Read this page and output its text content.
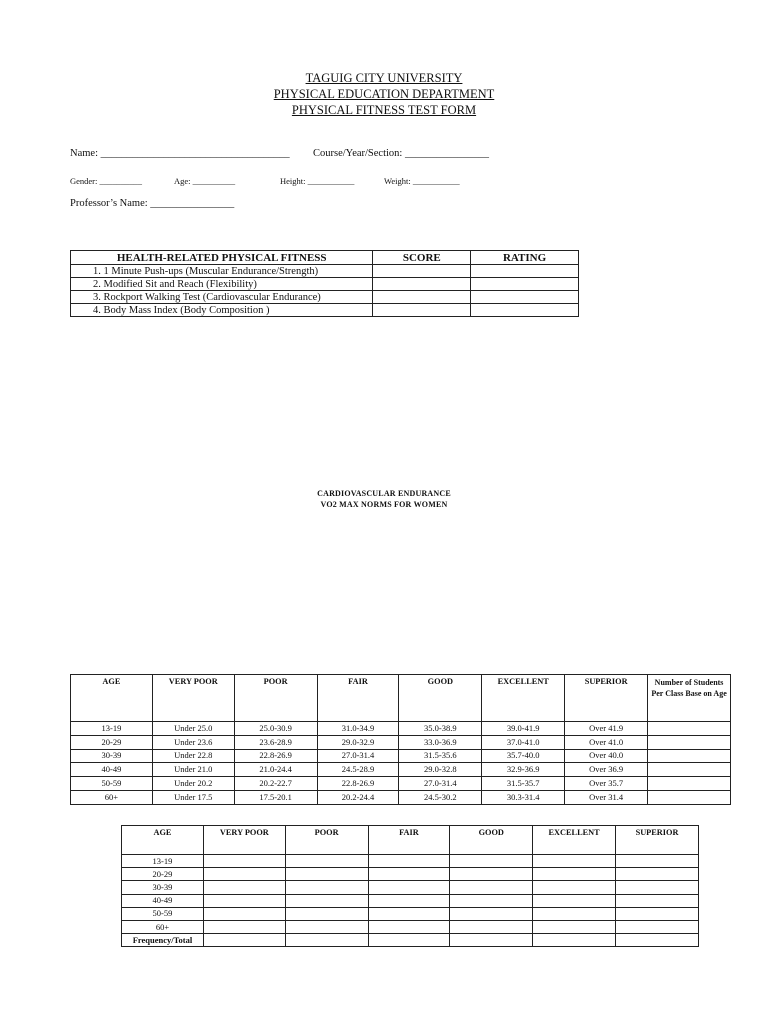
TAGUIG CITY UNIVERSITY
PHYSICAL EDUCATION DEPARTMENT
PHYSICAL FITNESS TEST FORM
Name: ____________________________________ Course/Year/Section: ________________
Gender: __________	Age: __________	Height: ___________	Weight: ___________
Professor’s Name: ________________
HEALTH-RELATED PHYSICAL FITNESS	SCORE	RATING
1. 1 Minute Push-ups (Muscular Endurance/Strength)		
2. Modified Sit and Reach (Flexibility)		
3. Rockport Walking Test (Cardiovascular Endurance)		
4. Body Mass Index (Body Composition )		
CARDIOVASCULAR ENDURANCE
VO2 MAX NORMS FOR WOMEN
AGE	VERY POOR	POOR	FAIR	GOOD	EXCELLENT	SUPERIOR	Number of Students Per Class Base on Age
13-19	Under 25.0	25.0-30.9	31.0-34.9	35.0-38.9	39.0-41.9	Over 41.9	
20-29	Under 23.6	23.6-28.9	29.0-32.9	33.0-36.9	37.0-41.0	Over 41.0	
30-39	Under 22.8	22.8-26.9	27.0-31.4	31.5-35.6	35.7-40.0	Over 40.0	
40-49	Under 21.0	21.0-24.4	24.5-28.9	29.0-32.8	32.9-36.9	Over 36.9	
50-59	Under 20.2	20.2-22.7	22.8-26.9	27.0-31.4	31.5-35.7	Over 35.7	
60+	Under 17.5	17.5-20.1	20.2-24.4	24.5-30.2	30.3-31.4	Over 31.4	
AGE	VERY POOR	POOR	FAIR	GOOD	EXCELLENT	SUPERIOR
13-19						
20-29						
30-39						
40-49						
50-59						
60+						
Frequency/Total						
